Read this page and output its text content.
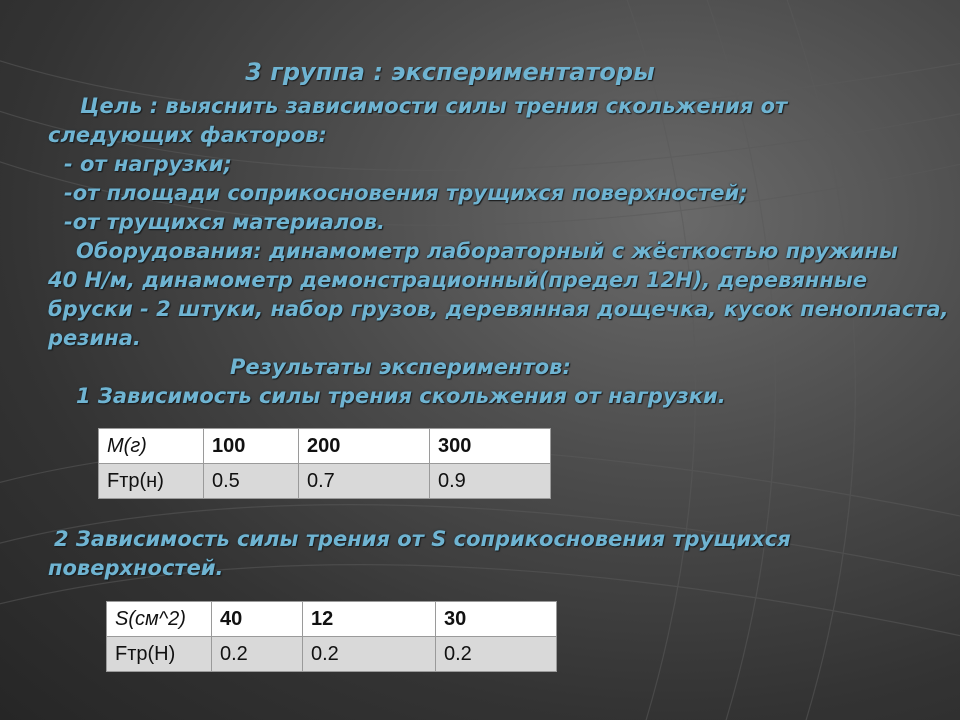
3 группа : экспериментаторы
Цель : выяснить зависимости силы трения скольжения от
следующих факторов:
- от нагрузки;
-от площади соприкосновения трущихся поверхностей;
-от трущихся материалов.
Оборудования: динамометр лабораторный с жёсткостью пружины
40 Н/м, динамометр демонстрационный(предел 12Н), деревянные
бруски - 2 штуки, набор грузов, деревянная дощечка, кусок пенопласта,
резина.
Результаты экспериментов:
1 Зависимость силы трения скольжения от нагрузки.
M(г)	100	200	300
Fтр(н)	0.5	0.7	0.9
2 Зависимость силы трения от S соприкосновения трущихся
поверхностей.
S(см^2)	40	12	30
Fтр(Н)	0.2	0.2	0.2
